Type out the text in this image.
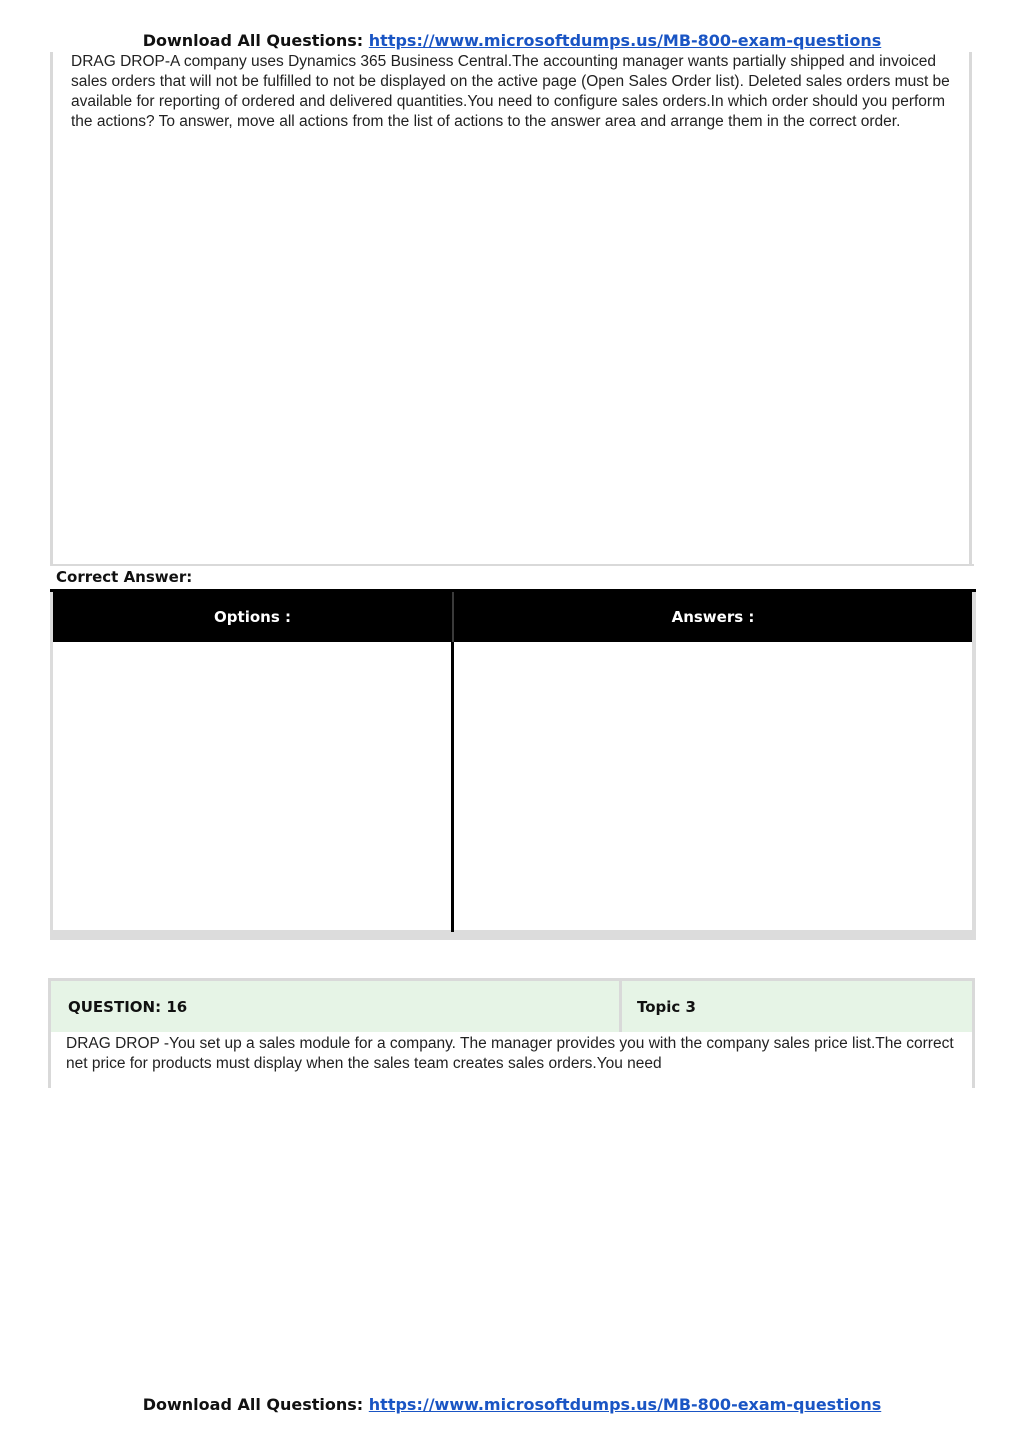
Download All Questions: https://www.microsoftdumps.us/MB-800-exam-questions

DRAG DROP-A company uses Dynamics 365 Business Central.The accounting manager wants partially shipped and invoiced sales orders that will not be fulfilled to not be displayed on the active page (Open Sales Order list). Deleted sales orders must be available for reporting of ordered and delivered quantities.You need to configure sales orders.In which order should you perform the actions? To answer, move all actions from the list of actions to the answer area and arrange them in the correct order.

Correct Answer:
Options :	Answers :
QUESTION: 16	Topic 3

DRAG DROP -You set up a sales module for a company. The manager provides you with the company sales price list.The correct net price for products must display when the sales team creates sales orders.You need

Download All Questions: https://www.microsoftdumps.us/MB-800-exam-questions
